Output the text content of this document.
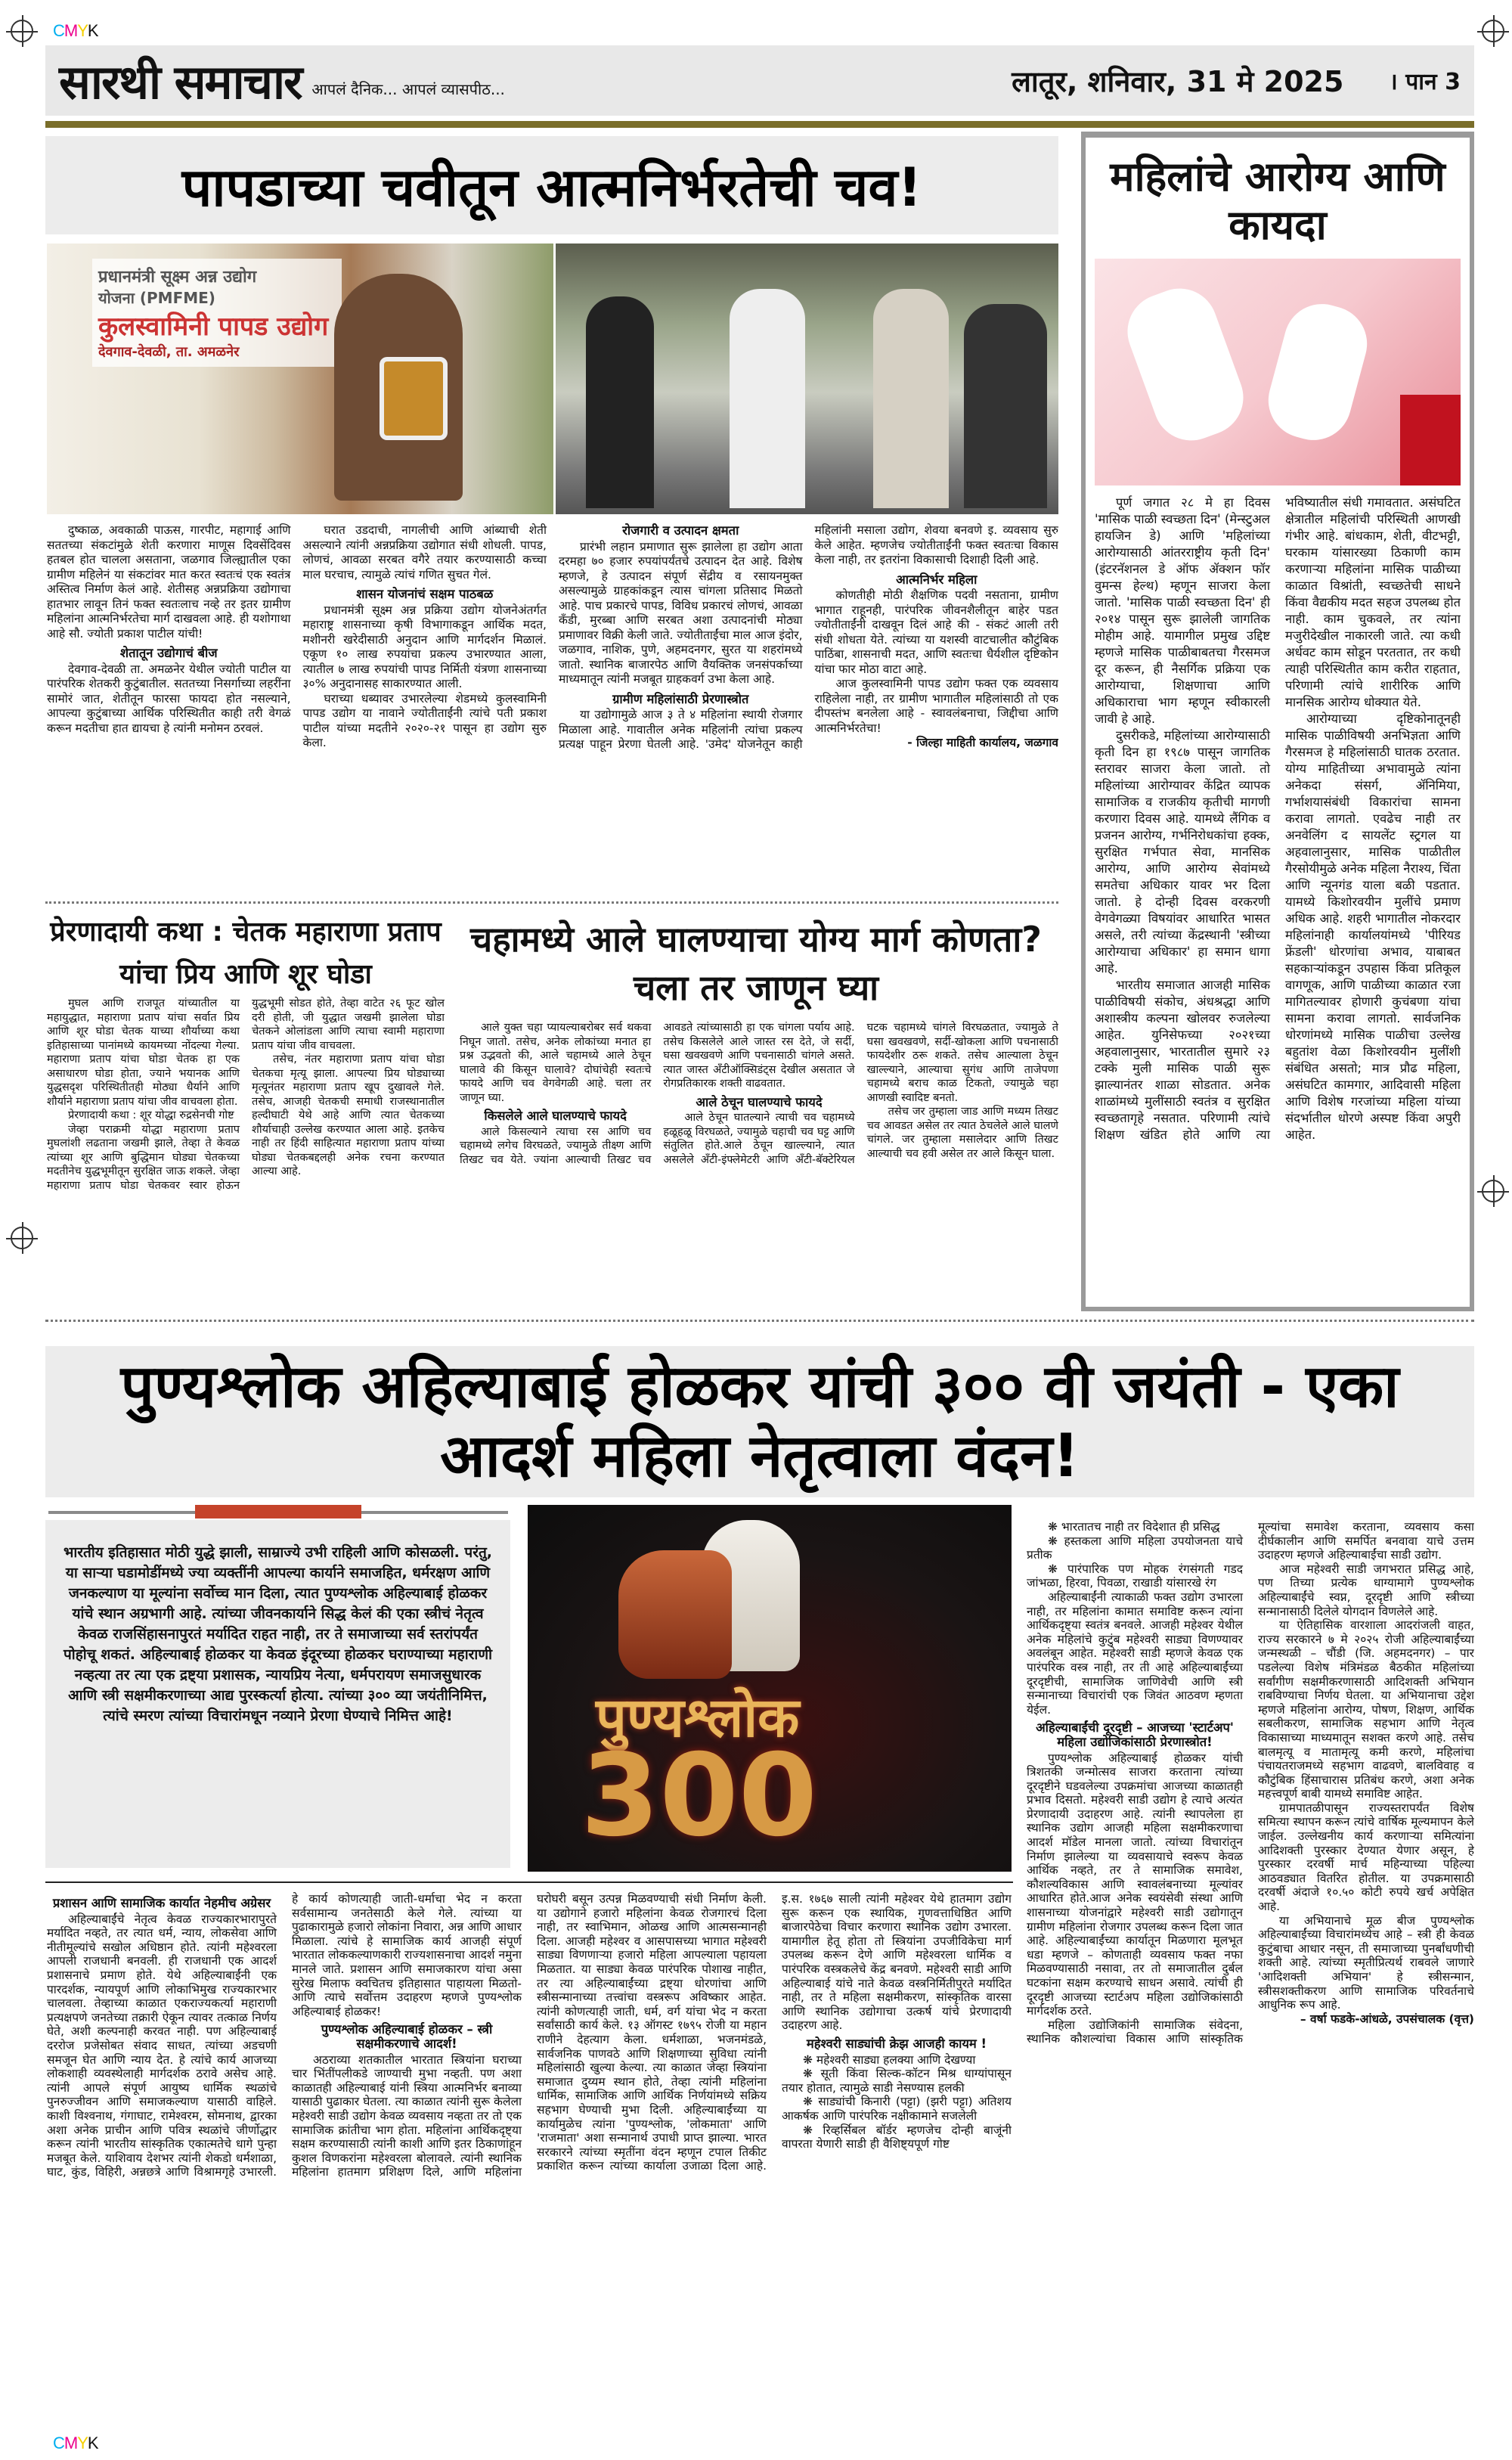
CMYK
CMYK
सारथी समाचार आपलं दैनिक... आपलं व्यासपीठ...	लातूर, शनिवार, 31 मे 2025 । पान 3
पापडाच्या चवीतून आत्मनिर्भरतेची चव!
प्रधानमंत्री सूक्ष्म अन्न उद्योग
योजना (PMFME)
कुलस्वामिनी पापड उद्योग
देवगाव-देवळी, ता. अमळनेर

दुष्काळ, अवकाळी पाऊस, गारपीट, महागाई आणि सततच्या संकटांमुळे शेती करणारा माणूस दिवसेंदिवस हतबल होत चालला असताना, जळगाव जिल्ह्यातील एका ग्रामीण महिलेनं या संकटांवर मात करत स्वतःचं एक स्वतंत्र अस्तित्व निर्माण केलं आहे. शेतीसह अन्नप्रक्रिया उद्योगाचा हातभार लावून तिनं फक्त स्वतःलाच नव्हे तर इतर ग्रामीण महिलांना आत्मनिर्भरतेचा मार्ग दाखवला आहे. ही यशोगाथा आहे सौ. ज्योती प्रकाश पाटील यांची!

शेतातून उद्योगाचं बीज

देवगाव-देवळी ता. अमळनेर येथील ज्योती पाटील या पारंपरिक शेतकरी कुटुंबातील. सततच्या निसर्गाच्या लहरींना सामोरं जात, शेतीतून फारसा फायदा होत नसल्याने, आपल्या कुटुंबाच्या आर्थिक परिस्थितीत काही तरी वेगळं करून मदतीचा हात द्यायचा हे त्यांनी मनोमन ठरवलं.

घरात उडदाची, नागलीची आणि आंब्याची शेती असल्याने त्यांनी अन्नप्रक्रिया उद्योगात संधी शोधली. पापड, लोणचं, आवळा सरबत वगैरे तयार करण्यासाठी कच्चा माल घरचाच, त्यामुळे त्यांचं गणित सुचत गेलं.

शासन योजनांचं सक्षम पाठबळ

प्रधानमंत्री सूक्ष्म अन्न प्रक्रिया उद्योग योजनेअंतर्गत महाराष्ट्र शासनाच्या कृषी विभागाकडून आर्थिक मदत, मशीनरी खरेदीसाठी अनुदान आणि मार्गदर्शन मिळालं. एकूण १० लाख रुपयांचा प्रकल्प उभारण्यात आला, त्यातील ७ लाख रुपयांची पापड निर्मिती यंत्रणा शासनाच्या ३०% अनुदानासह साकारण्यात आली.

घराच्या धब्यावर उभारलेल्या शेडमध्ये कुलस्वामिनी पापड उद्योग या नावाने ज्योतीताईंनी त्यांचे पती प्रकाश पाटील यांच्या मदतीने २०२०-२१ पासून हा उद्योग सुरु केला.

रोजगारी व उत्पादन क्षमता

प्रारंभी लहान प्रमाणात सुरू झालेला हा उद्योग आता दरमहा ७० हजार रुपयांपर्यंतचे उत्पादन देत आहे. विशेष म्हणजे, हे उत्पादन संपूर्ण सेंद्रीय व रसायनमुक्त असल्यामुळे ग्राहकांकडून त्यास चांगला प्रतिसाद मिळतो आहे. पाच प्रकारचे पापड, विविध प्रकारचं लोणचं, आवळा कँडी, मुरब्बा आणि सरबत अशा उत्पादनांची मोठ्या प्रमाणावर विक्री केली जाते. ज्योतीताईंचा माल आज इंदोर, जळगाव, नाशिक, पुणे, अहमदनगर, सुरत या शहरांमध्ये जातो. स्थानिक बाजारपेठ आणि वैयक्तिक जनसंपर्काच्या माध्यमातून त्यांनी मजबूत ग्राहकवर्ग उभा केला आहे.

ग्रामीण महिलांसाठी प्रेरणास्त्रोत

या उद्योगामुळे आज ३ ते ४ महिलांना स्थायी रोजगार मिळाला आहे. गावातील अनेक महिलांनी त्यांचा प्रकल्प प्रत्यक्ष पाहून प्रेरणा घेतली आहे. 'उमेद' योजनेतून काही महिलांनी मसाला उद्योग, शेवया बनवणे इ. व्यवसाय सुरु केले आहेत. म्हणजेच ज्योतीताईंनी फक्त स्वतःचा विकास केला नाही, तर इतरांना विकासाची दिशाही दिली आहे.

आत्मनिर्भर महिला

कोणतीही मोठी शैक्षणिक पदवी नसताना, ग्रामीण भागात राहूनही, पारंपरिक जीवनशैलीतून बाहेर पडत ज्योतीताईंनी दाखवून दिलं आहे की - संकटं आली तरी संधी शोधता येते. त्यांच्या या यशस्वी वाटचालीत कौटुंबिक पाठिंबा, शासनाची मदत, आणि स्वतःचा धैर्यशील दृष्टिकोन यांचा फार मोठा वाटा आहे.

आज कुलस्वामिनी पापड उद्योग फक्त एक व्यवसाय राहिलेला नाही, तर ग्रामीण भागातील महिलांसाठी तो एक दीपस्तंभ बनलेला आहे - स्वावलंबनाचा, जिद्दीचा आणि आत्मनिर्भरतेचा!

- जिल्हा माहिती कार्यालय, जळगाव

प्रेरणादायी कथा : चेतक महाराणा प्रताप यांचा प्रिय आणि शूर घोडा

मुघल आणि राजपूत यांच्यातील या महायुद्धात, महाराणा प्रताप यांचा सर्वात प्रिय आणि शूर घोडा चेतक याच्या शौर्याच्या कथा इतिहासाच्या पानांमध्ये कायमच्या नोंदल्या गेल्या. महाराणा प्रताप यांचा घोडा चेतक हा एक असाधारण घोडा होता, ज्याने भयानक आणि युद्धसदृश परिस्थितीतही मोठ्या धैर्याने आणि शौर्याने महाराणा प्रताप यांचा जीव वाचवला होता.

प्रेरणादायी कथा : शूर योद्धा रुद्रसेनची गोष्ट

जेव्हा पराक्रमी योद्धा महाराणा प्रताप मुघलांशी लढताना जखमी झाले, तेव्हा ते केवळ त्यांच्या शूर आणि बुद्धिमान घोड्या चेतकच्या मदतीनेच युद्धभूमीतून सुरक्षित जाऊ शकले. जेव्हा महाराणा प्रताप घोडा चेतकवर स्वार होऊन युद्धभूमी सोडत होते, तेव्हा वाटेत २६ फूट खोल दरी होती, जी युद्धात जखमी झालेला घोडा चेतकने ओलांडला आणि त्याचा स्वामी महाराणा प्रताप यांचा जीव वाचवला.

तसेच, नंतर महाराणा प्रताप यांचा घोडा चेतकचा मृत्यू झाला. आपल्या प्रिय घोड्याच्या मृत्यूनंतर महाराणा प्रताप खूप दुखावले गेले. तसेच, आजही चेतकची समाधी राजस्थानातील हल्दीघाटी येथे आहे आणि त्यात चेतकच्या शौर्याचाही उल्लेख करण्यात आला आहे. इतकेच नाही तर हिंदी साहित्यात महाराणा प्रताप यांच्या घोड्या चेतकबद्दलही अनेक रचना करण्यात आल्या आहे.

चहामध्ये आले घालण्याचा योग्य मार्ग कोणता? चला तर जाणून घ्या

आले युक्त चहा प्यायल्याबरोबर सर्व थकवा निघून जातो. तसेच, अनेक लोकांच्या मनात हा प्रश्न उद्भवतो की, आले चहामध्ये आले ठेचून घालावे की किसून घालावे? दोघांचेही स्वतःचे फायदे आणि चव वेगवेगळी आहे. चला तर जाणून घ्या.

किसलेले आले घालण्याचे फायदे

आले किसल्याने त्याचा रस आणि चव चहामध्ये लगेच विरघळते, ज्यामुळे तीक्ष्ण आणि तिखट चव येते. ज्यांना आल्याची तिखट चव आवडते त्यांच्यासाठी हा एक चांगला पर्याय आहे. तसेच किसलेले आले जास्त रस देते, जे सर्दी, घसा खवखवणे आणि पचनासाठी चांगले असते. त्यात जास्त अँटीऑक्सिडंट्स देखील असतात जे रोगप्रतिकारक शक्ती वाढवतात.

आले ठेचून घालण्याचे फायदे

आले ठेचून घातल्याने त्याची चव चहामध्ये हळूहळू विरघळते, ज्यामुळे चहाची चव घट्ट आणि संतुलित होते.आले ठेचून खाल्ल्याने, त्यात असलेले अँटी-इंफ्लेमेटरी आणि अँटी-बॅक्टेरियल घटक चहामध्ये चांगले विरघळतात, ज्यामुळे ते घसा खवखवणे, सर्दी-खोकला आणि पचनासाठी फायदेशीर ठरू शकते. तसेच आल्याला ठेचून खाल्ल्याने, आल्याचा सुगंध आणि ताजेपणा चहामध्ये बराच काळ टिकतो, ज्यामुळे चहा आणखी स्वादिष्ट बनतो.

तसेच जर तुम्हाला जाड आणि मध्यम तिखट चव आवडत असेल तर त्यात ठेचलेले आले घालणे चांगले. जर तुम्हाला मसालेदार आणि तिखट आल्याची चव हवी असेल तर आले किसून घाला.

महिलांचे आरोग्य आणि कायदा

पूर्ण जगात २८ मे हा दिवस 'मासिक पाळी स्वच्छता दिन' (मेन्स्टुअल हायजिन डे) आणि 'महिलांच्या आरोग्यासाठी आंतरराष्ट्रीय कृती दिन' (इंटरनॅशनल डे ऑफ ॲक्शन फॉर वुमन्स हेल्थ) म्हणून साजरा केला जातो. 'मासिक पाळी स्वच्छता दिन' ही २०१४ पासून सुरू झालेली जागतिक मोहीम आहे. यामागील प्रमुख उद्दिष्ट म्हणजे मासिक पाळीबाबतचा गैरसमज दूर करून, ही नैसर्गिक प्रक्रिया एक आरोग्याचा, शिक्षणाचा आणि अधिकाराचा भाग म्हणून स्वीकारली जावी हे आहे.

दुसरीकडे, महिलांच्या आरोग्यासाठी कृती दिन हा १९८७ पासून जागतिक स्तरावर साजरा केला जातो. तो महिलांच्या आरोग्यावर केंद्रित व्यापक सामाजिक व राजकीय कृतीची मागणी करणारा दिवस आहे. यामध्ये लैंगिक व प्रजनन आरोग्य, गर्भनिरोधकांचा हक्क, सुरक्षित गर्भपात सेवा, मानसिक आरोग्य, आणि आरोग्य सेवांमध्ये समतेचा अधिकार यावर भर दिला जातो. हे दोन्ही दिवस वरकरणी वेगवेगळ्या विषयांवर आधारित भासत असले, तरी त्यांच्या केंद्रस्थानी 'स्त्रीच्या आरोग्याचा अधिकार' हा समान धागा आहे.

भारतीय समाजात आजही मासिक पाळीविषयी संकोच, अंधश्रद्धा आणि अशास्त्रीय कल्पना खोलवर रुजलेल्या आहेत. युनिसेफच्या २०२१च्या अहवालानुसार, भारतातील सुमारे २३ टक्के मुली मासिक पाळी सुरू झाल्यानंतर शाळा सोडतात. अनेक शाळांमध्ये मुलींसाठी स्वतंत्र व सुरक्षित स्वच्छतागृहे नसतात. परिणामी त्यांचे शिक्षण खंडित होते आणि त्या भविष्यातील संधी गमावतात. असंघटित क्षेत्रातील महिलांची परिस्थिती आणखी गंभीर आहे. बांधकाम, शेती, वीटभट्टी, घरकाम यांसारख्या ठिकाणी काम करणाऱ्या महिलांना मासिक पाळीच्या काळात विश्रांती, स्वच्छतेची साधने किंवा वैद्यकीय मदत सहज उपलब्ध होत नाही. काम चुकवले, तर त्यांना मजुरीदेखील नाकारली जाते. त्या कधी अर्धवट काम सोडून परततात, तर कधी त्याही परिस्थितीत काम करीत राहतात, परिणामी त्यांचे शारीरिक आणि मानसिक आरोग्य धोक्यात येते.

आरोग्याच्या दृष्टिकोनातूनही मासिक पाळीविषयी अनभिज्ञता आणि गैरसमज हे महिलांसाठी घातक ठरतात. योग्य माहितीच्या अभावामुळे त्यांना अनेकदा संसर्ग, ॲनिमिया, गर्भाशयासंबंधी विकारांचा सामना करावा लागतो. एवढेच नाही तर अनवेलिंग द सायलेंट स्ट्रगल या अहवालानुसार, मासिक पाळीतील गैरसोयीमुळे अनेक महिला नैराश्य, चिंता आणि न्यूनगंड याला बळी पडतात. यामध्ये किशोरवयीन मुलींचे प्रमाण अधिक आहे. शहरी भागातील नोकरदार महिलांनाही कार्यालयांमध्ये 'पीरियड फ्रेंडली' धोरणांचा अभाव, याबाबत सहकाऱ्यांकडून उपहास किंवा प्रतिकूल वागणूक, आणि पाळीच्या काळात रजा मागितल्यावर होणारी कुचंबणा यांचा सामना करावा लागतो. सार्वजनिक धोरणांमध्ये मासिक पाळीचा उल्लेख बहुतांश वेळा किशोरवयीन मुलींशी संबंधित असतो; मात्र प्रौढ महिला, असंघटित कामगार, आदिवासी महिला आणि विशेष गरजांच्या महिला यांच्या संदर्भातील धोरणे अस्पष्ट किंवा अपुरी आहेत.

पुण्यश्लोक अहिल्याबाई होळकर यांची ३०० वी जयंती - एका आदर्श महिला नेतृत्वाला वंदन!
भारतीय इतिहासात मोठी युद्धे झाली, साम्राज्ये उभी राहिली आणि कोसळली. परंतु, या साऱ्या घडामोडींमध्ये ज्या व्यक्तींनी आपल्या कार्याने समाजहित, धर्मरक्षण आणि जनकल्याण या मूल्यांना सर्वोच्च मान दिला, त्यात पुण्यश्लोक अहिल्याबाई होळकर यांचे स्थान अग्रभागी आहे. त्यांच्या जीवनकार्याने सिद्ध केलं की एका स्त्रीचं नेतृत्व केवळ राजसिंहासनापुरतं मर्यादित राहत नाही, तर ते समाजाच्या सर्व स्तरांपर्यंत पोहोचू शकतं. अहिल्याबाई होळकर या केवळ इंदूरच्या होळकर घराण्याच्या महाराणी नव्हत्या तर त्या एक द्रष्ट्या प्रशासक, न्यायप्रिय नेत्या, धर्मपरायण समाजसुधारक आणि स्त्री सक्षमीकरणाच्या आद्य पुरस्कर्त्या होत्या. त्यांच्या ३०० व्या जयंतीनिमित्त, त्यांचे स्मरण त्यांच्या विचारांमधून नव्याने प्रेरणा घेण्याचे निमित्त आहे!	पुण्यश्लोक
300
प्रशासन आणि सामाजिक कार्यात नेहमीच अग्रेसर

अहिल्याबाईंचे नेतृत्व केवळ राज्यकारभारापुरते मर्यादित नव्हते, तर त्यात धर्म, न्याय, लोकसेवा आणि नीतीमूल्यांचे सखोल अधिष्ठान होते. त्यांनी महेश्वरला आपली राजधानी बनवली. ही राजधानी एक आदर्श प्रशासनाचे प्रमाण होते. येथे अहिल्याबाईंनी एक पारदर्शक, न्यायपूर्ण आणि लोकाभिमुख राज्यकारभार चालवला. तेव्हाच्या काळात एकराज्यकर्त्या महाराणी प्रत्यक्षपणे जनतेच्या तक्रारी ऐकून त्यावर तत्काळ निर्णय घेते, अशी कल्पनाही करवत नाही. पण अहिल्याबाई दररोज प्रजेसोबत संवाद साधत, त्यांच्या अडचणी समजून घेत आणि न्याय देत. हे त्यांचे कार्य आजच्या लोकशाही व्यवस्थेलाही मार्गदर्शक ठरावे असेच आहे. त्यांनी आपले संपूर्ण आयुष्य धार्मिक स्थळांचे पुनरुज्जीवन आणि समाजकल्याण यासाठी वाहिले. काशी विश्वनाथ, गंगाघाट, रामेश्वरम, सोमनाथ, द्वारका अशा अनेक प्राचीन आणि पवित्र स्थळांचे जीर्णोद्धार करून त्यांनी भारतीय सांस्कृतिक एकात्मतेचे धागे पुन्हा मजबूत केले. याशिवाय देशभर त्यांनी शेकडो धर्मशाळा, घाट, कुंड, विहिरी, अन्नछत्रे आणि विश्रामगृहे उभारली. हे कार्य कोणत्याही जाती-धर्माचा भेद न करता सर्वसामान्य जनतेसाठी केले गेले. त्यांच्या या पुढाकारामुळे हजारो लोकांना निवारा, अन्न आणि आधार मिळाला. त्यांचे हे सामाजिक कार्य आजही संपूर्ण भारतात लोककल्याणकारी राज्यशासनाचा आदर्श नमुना मानले जाते. प्रशासन आणि समाजकारण यांचा असा सुरेख मिलाफ क्वचितच इतिहासात पाहायला मिळतो- आणि त्याचे सर्वोत्तम उदाहरण म्हणजे पुण्यश्लोक अहिल्याबाई होळकर!

पुण्यश्लोक अहिल्याबाई होळकर – स्त्री सक्षमीकरणाचे आदर्श!

अठराव्या शतकातील भारतात स्त्रियांना घराच्या चार भिंतींपलीकडे जाण्याची मुभा नव्हती. पण अशा काळातही अहिल्याबाई यांनी स्त्रिया आत्मनिर्भर बनाव्या यासाठी पुढाकार घेतला. त्या काळात त्यांनी सुरू केलेला महेश्वरी साडी उद्योग केवळ व्यवसाय नव्हता तर तो एक सामाजिक क्रांतीचा भाग होता. महिलांना आर्थिकदृष्ट्या सक्षम करण्यासाठी त्यांनी काशी आणि इतर ठिकाणांहून कुशल विणकरांना महेश्वरला बोलावले. त्यांनी स्थानिक महिलांना हातमाग प्रशिक्षण दिले, आणि महिलांना घरोघरी बसून उत्पन्न मिळवण्याची संधी निर्माण केली. या उद्योगाने हजारो महिलांना केवळ रोजगारचं दिला नाही, तर स्वाभिमान, ओळख आणि आत्मसन्मानही दिला. आजही महेश्वर व आसपासच्या भागात महेश्वरी साड्या विणणाऱ्या हजारो महिला आपल्याला पहायला मिळतात. या साड्या केवळ पारंपरिक पोशाख नाहीत, तर त्या अहिल्याबाईंच्या द्रष्ट्या धोरणांचा आणि स्त्रीसन्मानाच्या तत्त्वांचा वस्त्ररूप अविष्कार आहेत. त्यांनी कोणत्याही जाती, धर्म, वर्ग यांचा भेद न करता सर्वांसाठी कार्य केले. १३ ऑगस्ट १७९५ रोजी या महान राणीने देहत्याग केला. धर्मशाळा, भजनमंडळे, सार्वजनिक पाणवठे आणि शिक्षणाच्या सुविधा त्यांनी महिलांसाठी खुल्या केल्या. त्या काळात जेव्हा स्त्रियांना समाजात दुय्यम स्थान होते, तेव्हा त्यांनी महिलांना धार्मिक, सामाजिक आणि आर्थिक निर्णयांमध्ये सक्रिय सहभाग घेण्याची मुभा दिली. अहिल्याबाईंच्या या कार्यामुळेच त्यांना 'पुण्यश्लोक, 'लोकमाता' आणि 'राजमाता' अशा सन्मानार्थ उपाधी प्राप्त झाल्या. भारत सरकारने त्यांच्या स्मृतींना वंदन म्हणून टपाल तिकीट प्रकाशित करून त्यांच्या कार्याला उजाळा दिला आहे. इ.स. १७६७ साली त्यांनी महेश्वर येथे हातमाग उद्योग सुरू करून एक स्थायिक, गुणवत्ताधिष्ठित आणि बाजारपेठेचा विचार करणारा स्थानिक उद्योग उभारला. यामागील हेतू होता तो स्त्रियांना उपजीविकेचा मार्ग उपलब्ध करून देणे आणि महेश्वरला धार्मिक व पारंपरिक वस्त्रकलेचे केंद्र बनवणे. महेश्वरी साडी आणि अहिल्याबाई यांचे नाते केवळ वस्त्रनिर्मितीपुरते मर्यादित नाही, तर ते महिला सक्षमीकरण, सांस्कृतिक वारसा आणि स्थानिक उद्योगाचा उत्कर्ष यांचे प्रेरणादायी उदाहरण आहे.

महेश्वरी साड्यांची क्रेझ आजही कायम !

❋ महेश्वरी साड्या हलक्या आणि देखण्या

❋ सूती किंवा सिल्क-कॉटन मिश्र धाग्यांपासून तयार होतात, त्यामुळे साडी नेसण्यास हलकी

❋ साड्यांची किनारी (पट्टा) (झरी पट्टा) अतिशय आकर्षक आणि पारंपरिक नक्षीकामाने सजलेली

❋ रिव्हर्सिबल बॉर्डर म्हणजेच दोन्ही बाजूंनी वापरता येणारी साडी ही वैशिष्ट्यपूर्ण गोष्ट

❋ भारतातच नाही तर विदेशात ही प्रसिद्ध

❋ हस्तकला आणि महिला उपयोजनता याचे प्रतीक

❋ पारंपारिक पण मोहक रंगसंगती गडद जांभळा, हिरवा, पिवळा, राखाडी यांसारखे रंग

अहिल्याबाईंनी त्याकाळी फक्त उद्योग उभारला नाही, तर महिलांना कामात समाविष्ट करून त्यांना आर्थिकदृष्ट्या स्वतंत्र बनवले. आजही महेश्वर येथील अनेक महिलांचे कुटुंब महेश्वरी साड्या विणण्यावर अवलंबून आहेत. महेश्वरी साडी म्हणजे केवळ एक पारंपरिक वस्त्र नाही, तर ती आहे अहिल्याबाईंच्या दूरदृष्टीची, सामाजिक जाणिवेची आणि स्त्री सन्मानाच्या विचारांची एक जिवंत आठवण म्हणता येईल.

अहिल्याबाईंची दूरदृष्टी – आजच्या 'स्टार्टअप' महिला उद्योजिकांसाठी प्रेरणास्त्रोत!

पुण्यश्लोक अहिल्याबाई होळकर यांची त्रिशतकी जन्मोत्सव साजरा करताना त्यांच्या दूरदृष्टीने घडवलेल्या उपक्रमांचा आजच्या काळातही प्रभाव दिसतो. महेश्वरी साडी उद्योग हे त्याचे अत्यंत प्रेरणादायी उदाहरण आहे. त्यांनी स्थापलेला हा स्थानिक उद्योग आजही महिला सक्षमीकरणाचा आदर्श मॉडेल मानला जातो. त्यांच्या विचारांतून निर्माण झालेल्या या व्यवसायाचे स्वरूप केवळ आर्थिक नव्हते, तर ते सामाजिक समावेश, कौशल्यविकास आणि स्वावलंबनाच्या मूल्यांवर आधारित होते.आज अनेक स्वयंसेवी संस्था आणि शासनाच्या योजनांद्वारे महेश्वरी साडी उद्योगातून ग्रामीण महिलांना रोजगार उपलब्ध करून दिला जात आहे. अहिल्याबाईंच्या कार्यातून मिळणारा मूलभूत धडा म्हणजे – कोणताही व्यवसाय फक्त नफा मिळवण्यासाठी नसावा, तर तो समाजातील दुर्बल घटकांना सक्षम करण्याचे साधन असावे. त्यांची ही दूरदृष्टी आजच्या स्टार्टअप महिला उद्योजिकांसाठी मार्गदर्शक ठरते.

महिला उद्योजिकांनी सामाजिक संवेदना, स्थानिक कौशल्यांचा विकास आणि सांस्कृतिक मूल्यांचा समावेश करताना, व्यवसाय कसा दीर्घकालीन आणि समर्पित बनवावा याचे उत्तम उदाहरण म्हणजे अहिल्याबाईंचा साडी उद्योग.

आज महेश्वरी साडी जगभरात प्रसिद्ध आहे, पण तिच्या प्रत्येक धाग्यामागे पुण्यश्लोक अहिल्याबाईंचे स्वप्न, दूरदृष्टी आणि स्त्रीच्या सन्मानासाठी दिलेले योगदान विणलेले आहे.

या ऐतिहासिक वारशाला आदरांजली वाहत, राज्य सरकारने ७ मे २०२५ रोजी अहिल्याबाईंच्या जन्मस्थळी – चौंडी (जि. अहमदनगर) – पार पडलेल्या विशेष मंत्रिमंडळ बैठकीत महिलांच्या सर्वांगीण सक्षमीकरणासाठी आदिशक्ती अभियान राबविण्याचा निर्णय घेतला. या अभियानाचा उद्देश म्हणजे महिलांना आरोग्य, पोषण, शिक्षण, आर्थिक सबलीकरण, सामाजिक सहभाग आणि नेतृत्व विकासाच्या माध्यमातून सशक्त करणे आहे. तसेच बालमृत्यू व मातामृत्यू कमी करणे, महिलांचा पंचायतराजमध्ये सहभाग वाढवणे, बालविवाह व कौटुंबिक हिंसाचारास प्रतिबंध करणे, अशा अनेक महत्त्वपूर्ण बाबी यामध्ये समाविष्ट आहेत.

ग्रामपातळीपासून राज्यस्तरापर्यंत विशेष समित्या स्थापन करून त्यांचे वार्षिक मूल्यमापन केले जाईल. उल्लेखनीय कार्य करणाऱ्या समित्यांना आदिशक्ती पुरस्कार देण्यात येणार असून, हे पुरस्कार दरवर्षी मार्च महिन्याच्या पहिल्या आठवड्यात वितरित होतील. या उपक्रमासाठी दरवर्षी अंदाजे १०.५० कोटी रुपये खर्च अपेक्षित आहे.

या अभियानाचे मूळ बीज पुण्यश्लोक अहिल्याबाईंच्या विचारांमध्येच आहे – स्त्री ही केवळ कुटुंबाचा आधार नसून, ती समाजाच्या पुनर्बांधणीची शक्ती आहे. त्यांच्या स्मृतीप्रित्यर्थ राबवले जाणारे 'आदिशक्ती अभियान' हे स्त्रीसन्मान, स्त्रीसशक्तीकरण आणि सामाजिक परिवर्तनाचे आधुनिक रूप आहे.

– वर्षा फडके-आंधळे, उपसंचालक (वृत्त)
